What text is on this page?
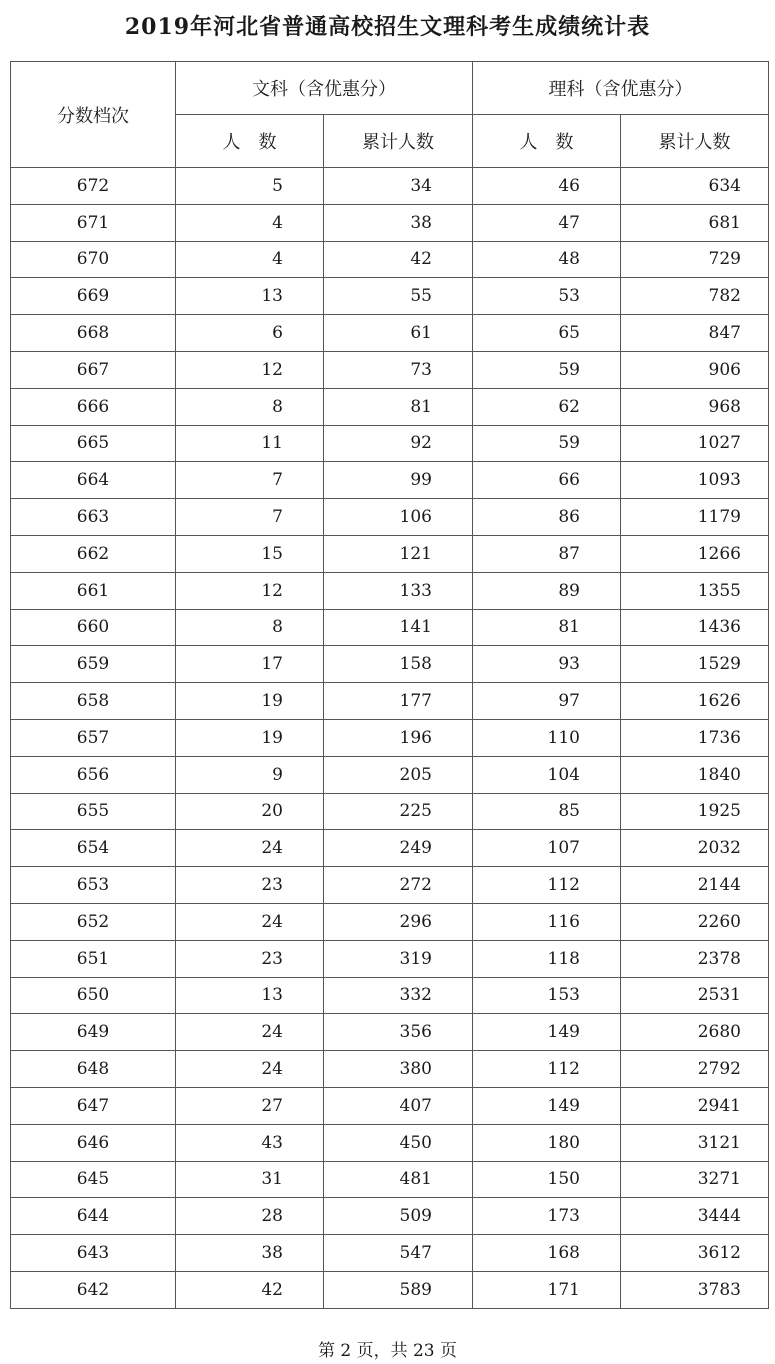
2019年河北省普通高校招生文理科考生成绩统计表
分数档次	文科（含优惠分）		理科（含优惠分）	
	人　数	累计人数	人　数	累计人数
672	5	34	46	634
671	4	38	47	681
670	4	42	48	729
669	13	55	53	782
668	6	61	65	847
667	12	73	59	906
666	8	81	62	968
665	11	92	59	1027
664	7	99	66	1093
663	7	106	86	1179
662	15	121	87	1266
661	12	133	89	1355
660	8	141	81	1436
659	17	158	93	1529
658	19	177	97	1626
657	19	196	110	1736
656	9	205	104	1840
655	20	225	85	1925
654	24	249	107	2032
653	23	272	112	2144
652	24	296	116	2260
651	23	319	118	2378
650	13	332	153	2531
649	24	356	149	2680
648	24	380	112	2792
647	27	407	149	2941
646	43	450	180	3121
645	31	481	150	3271
644	28	509	173	3444
643	38	547	168	3612
642	42	589	171	3783
第 2 页，共 23 页
